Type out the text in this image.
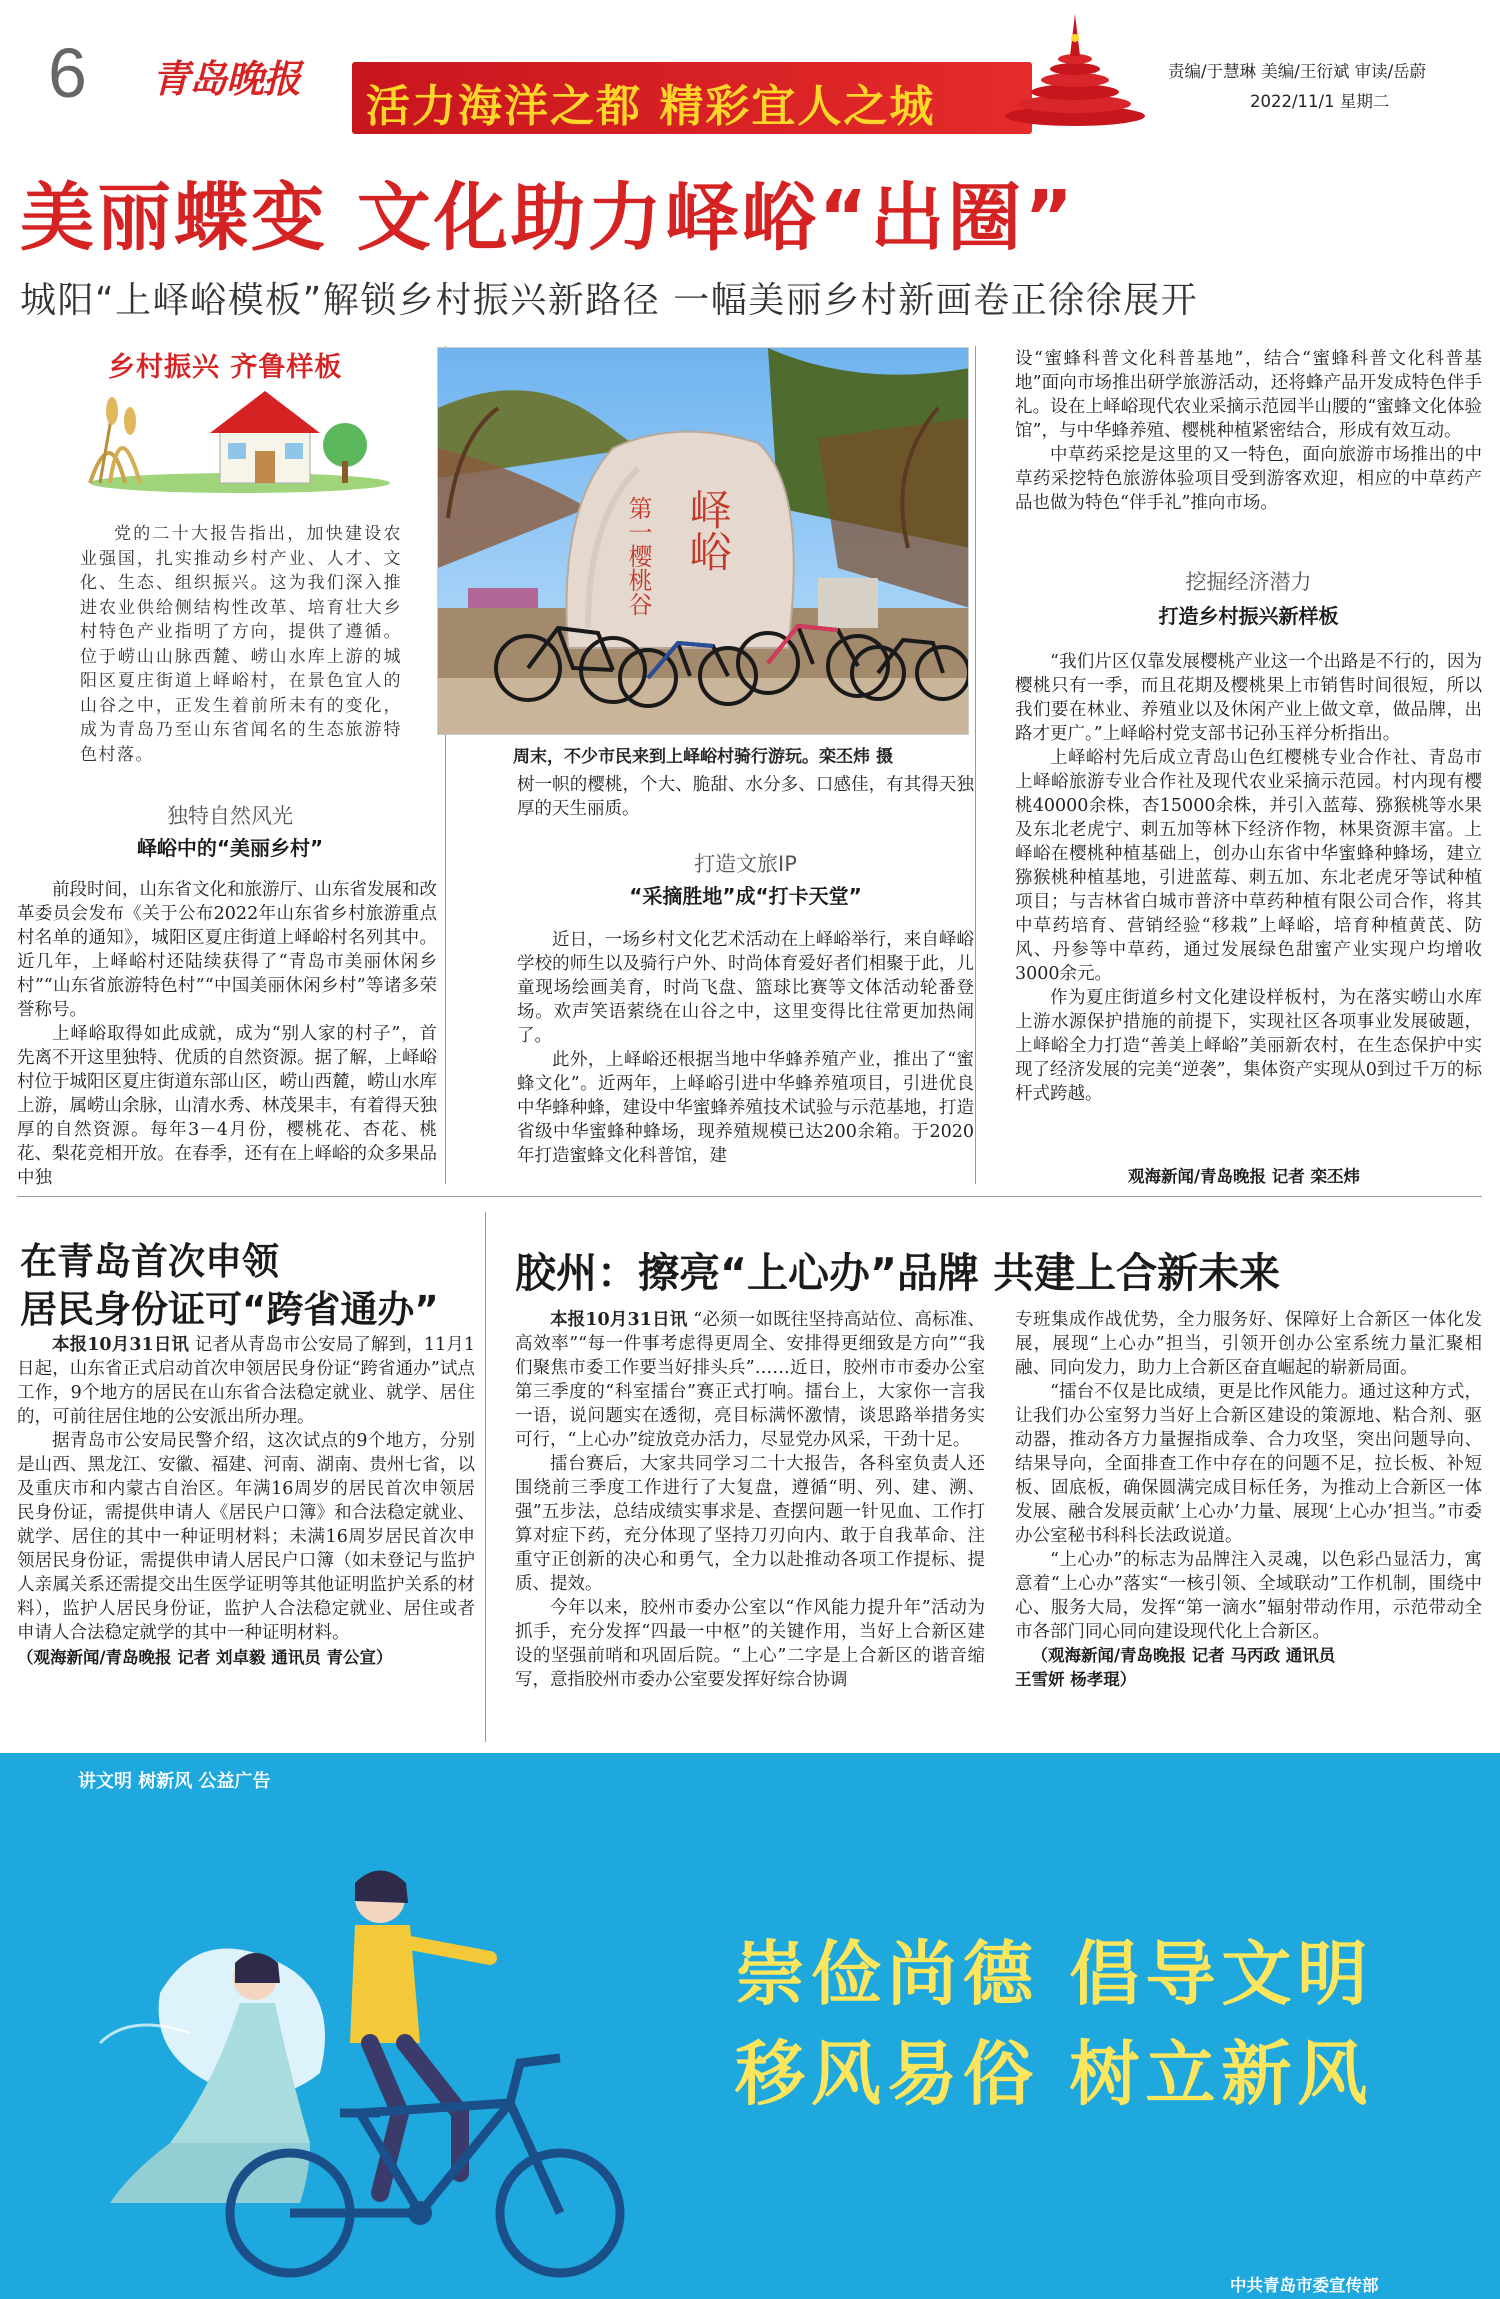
6 青岛晚报
活力海洋之都 精彩宜人之城
责编/于慧琳 美编/王衍斌 审读/岳蔚
2022/11/1 星期二
美丽蝶变 文化助力峄峪“出圈”
城阳“上峄峪模板”解锁乡村振兴新路径 一幅美丽乡村新画卷正徐徐展开
乡村振兴 齐鲁样板

党的二十大报告指出，加快建设农业强国，扎实推动乡村产业、人才、文化、生态、组织振兴。这为我们深入推进农业供给侧结构性改革、培育壮大乡村特色产业指明了方向，提供了遵循。位于崂山山脉西麓、崂山水库上游的城阳区夏庄街道上峄峪村，在景色宜人的山谷之中，正发生着前所未有的变化，成为青岛乃至山东省闻名的生态旅游特色村落。

独特自然风光
峄峪中的“美丽乡村”

前段时间，山东省文化和旅游厅、山东省发展和改革委员会发布《关于公布2022年山东省乡村旅游重点村名单的通知》，城阳区夏庄街道上峄峪村名列其中。近几年，上峄峪村还陆续获得了“青岛市美丽休闲乡村”“山东省旅游特色村”“中国美丽休闲乡村”等诸多荣誉称号。

上峄峪取得如此成就，成为“别人家的村子”，首先离不开这里独特、优质的自然资源。据了解，上峄峪村位于城阳区夏庄街道东部山区，崂山西麓，崂山水库上游，属崂山余脉，山清水秀、林茂果丰，有着得天独厚的自然资源。每年3－4月份，樱桃花、杏花、桃花、梨花竞相开放。在春季，还有在上峄峪的众多果品中独

第一樱桃谷 峄峪
周末，不少市民来到上峄峪村骑行游玩。栾丕炜 摄

树一帜的樱桃，个大、脆甜、水分多、口感佳，有其得天独厚的天生丽质。

打造文旅IP
“采摘胜地”成“打卡天堂”

近日，一场乡村文化艺术活动在上峄峪举行，来自峄峪学校的师生以及骑行户外、时尚体育爱好者们相聚于此，儿童现场绘画美育，时尚飞盘、篮球比赛等文体活动轮番登场。欢声笑语萦绕在山谷之中，这里变得比往常更加热闹了。

此外，上峄峪还根据当地中华蜂养殖产业，推出了“蜜蜂文化”。近两年，上峄峪引进中华蜂养殖项目，引进优良中华蜂种蜂，建设中华蜜蜂养殖技术试验与示范基地，打造省级中华蜜蜂种蜂场，现养殖规模已达200余箱。于2020年打造蜜蜂文化科普馆，建

设“蜜蜂科普文化科普基地”，结合“蜜蜂科普文化科普基地”面向市场推出研学旅游活动，还将蜂产品开发成特色伴手礼。设在上峄峪现代农业采摘示范园半山腰的“蜜蜂文化体验馆”，与中华蜂养殖、樱桃种植紧密结合，形成有效互动。

中草药采挖是这里的又一特色，面向旅游市场推出的中草药采挖特色旅游体验项目受到游客欢迎，相应的中草药产品也做为特色“伴手礼”推向市场。

挖掘经济潜力
打造乡村振兴新样板

“我们片区仅靠发展樱桃产业这一个出路是不行的，因为樱桃只有一季，而且花期及樱桃果上市销售时间很短，所以我们要在林业、养殖业以及休闲产业上做文章，做品牌，出路才更广。”上峄峪村党支部书记孙玉祥分析指出。

上峄峪村先后成立青岛山色红樱桃专业合作社、青岛市上峄峪旅游专业合作社及现代农业采摘示范园。村内现有樱桃40000余株，杏15000余株，并引入蓝莓、猕猴桃等水果及东北老虎宁、刺五加等林下经济作物，林果资源丰富。上峄峪在樱桃种植基础上，创办山东省中华蜜蜂种蜂场，建立猕猴桃种植基地，引进蓝莓、刺五加、东北老虎牙等试种植项目；与吉林省白城市普济中草药种植有限公司合作，将其中草药培育、营销经验“移栽”上峄峪，培育种植黄芪、防风、丹参等中草药，通过发展绿色甜蜜产业实现户均增收3000余元。

作为夏庄街道乡村文化建设样板村，为在落实崂山水库上游水源保护措施的前提下，实现社区各项事业发展破题，上峄峪全力打造“善美上峄峪”美丽新农村，在生态保护中实现了经济发展的完美“逆袭”，集体资产实现从0到过千万的标杆式跨越。

观海新闻/青岛晚报 记者 栾丕炜
在青岛首次申领
居民身份证可“跨省通办”

本报10月31日讯 记者从青岛市公安局了解到，11月1日起，山东省正式启动首次申领居民身份证“跨省通办”试点工作，9个地方的居民在山东省合法稳定就业、就学、居住的，可前往居住地的公安派出所办理。

据青岛市公安局民警介绍，这次试点的9个地方，分别是山西、黑龙江、安徽、福建、河南、湖南、贵州七省，以及重庆市和内蒙古自治区。年满16周岁的居民首次申领居民身份证，需提供申请人《居民户口簿》和合法稳定就业、就学、居住的其中一种证明材料；未满16周岁居民首次申领居民身份证，需提供申请人居民户口簿（如未登记与监护人亲属关系还需提交出生医学证明等其他证明监护关系的材料），监护人居民身份证，监护人合法稳定就业、居住或者申请人合法稳定就学的其中一种证明材料。

（观海新闻/青岛晚报 记者 刘卓毅 通讯员 青公宣）

胶州：擦亮“上心办”品牌 共建上合新未来

本报10月31日讯 “必须一如既往坚持高站位、高标准、高效率”“每一件事考虑得更周全、安排得更细致是方向”“我们聚焦市委工作要当好排头兵”……近日，胶州市市委办公室第三季度的“科室擂台”赛正式打响。擂台上，大家你一言我一语，说问题实在透彻，亮目标满怀激情，谈思路举措务实可行，“上心办”绽放竞办活力，尽显党办风采，干劲十足。

擂台赛后，大家共同学习二十大报告，各科室负责人还围绕前三季度工作进行了大复盘，遵循“明、列、建、溯、强”五步法，总结成绩实事求是、查摆问题一针见血、工作打算对症下药，充分体现了坚持刀刃向内、敢于自我革命、注重守正创新的决心和勇气，全力以赴推动各项工作提标、提质、提效。

今年以来，胶州市委办公室以“作风能力提升年”活动为抓手，充分发挥“四最一中枢”的关键作用，当好上合新区建设的坚强前哨和巩固后院。“上心”二字是上合新区的谐音缩写，意指胶州市委办公室要发挥好综合协调

专班集成作战优势，全力服务好、保障好上合新区一体化发展，展现“上心办”担当，引领开创办公室系统力量汇聚相融、同向发力，助力上合新区奋直崛起的崭新局面。

“擂台不仅是比成绩，更是比作风能力。通过这种方式，让我们办公室努力当好上合新区建设的策源地、粘合剂、驱动器，推动各方力量握指成拳、合力攻坚，突出问题导向、结果导向，全面排查工作中存在的问题不足，拉长板、补短板、固底板，确保圆满完成目标任务，为推动上合新区一体发展、融合发展贡献‘上心办’力量、展现‘上心办’担当。”市委办公室秘书科科长法政说道。

“上心办”的标志为品牌注入灵魂，以色彩凸显活力，寓意着“上心办”落实“一核引领、全域联动”工作机制，围绕中心、服务大局，发挥“第一滴水”辐射带动作用，示范带动全市各部门同心同向建设现代化上合新区。

（观海新闻/青岛晚报 记者 马丙政 通讯员

王雪妍 杨孝琨）

讲文明 树新风 公益广告
崇俭尚德 倡导文明
移风易俗 树立新风
中共青岛市委宣传部
